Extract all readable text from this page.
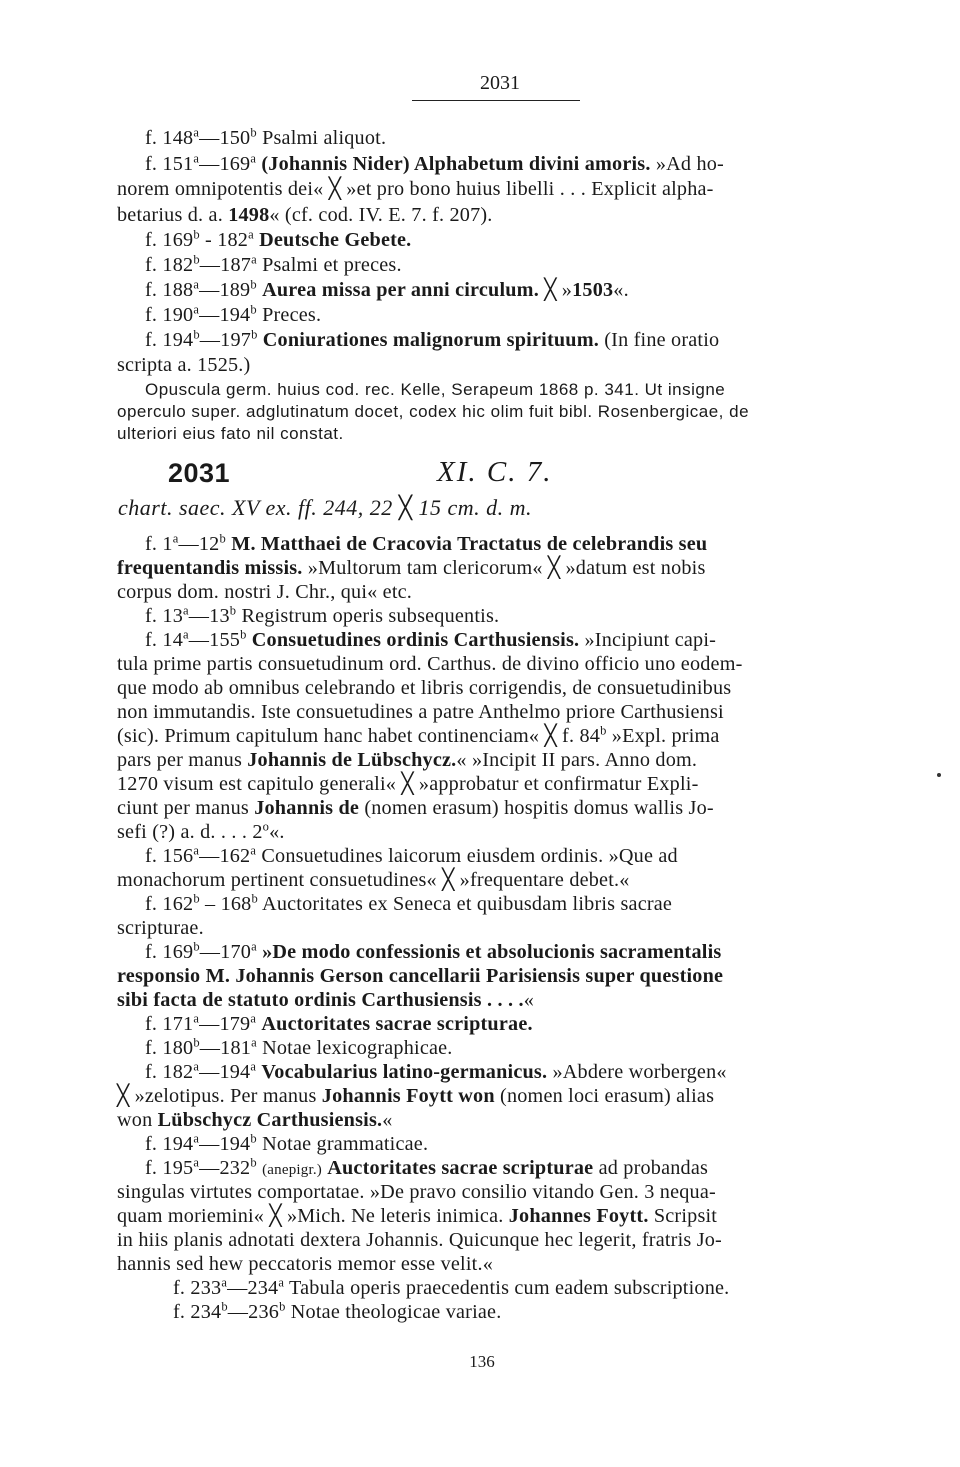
2031
f. 148$^a$—150$^b$ Psalmi aliquot.
f. 151$^a$—169$^a$ (Johannis Nider) Alphabetum divini amoris. »Ad ho-
norem omnipotentis dei« ╳ »et pro bono huius libelli . . . Explicit alpha-
betarius d. a. 1498« (cf. cod. IV. E. 7. f. 207).
f. 169$^b$ - 182$^a$ Deutsche Gebete.
f. 182$^b$—187$^a$ Psalmi et preces.
f. 188$^a$—189$^b$ Aurea missa per anni circulum. ╳ »1503«.
f. 190$^a$—194$^b$ Preces.
f. 194$^b$—197$^b$ Coniurationes malignorum spirituum. (In fine oratio
scripta a. 1525.)
Opuscula germ. huius cod. rec. Kelle, Serapeum 1868 p. 341. Ut insigne
operculo super. adglutinatum docet, codex hic olim fuit bibl. Rosenbergicae, de
ulteriori eius fato nil constat.
2031	XI. C. 7.
chart. saec. XV ex. ff. 244, 22 ╳ 15 cm. d. m.
f. 1$^a$—12$^b$ M. Matthaei de Cracovia Tractatus de celebrandis seu
frequentandis missis. »Multorum tam clericorum« ╳ »datum est nobis
corpus dom. nostri J. Chr., qui« etc.
f. 13$^a$—13$^b$ Registrum operis subsequentis.
f. 14$^a$—155$^b$ Consuetudines ordinis Carthusiensis. »Incipiunt capi-
tula prime partis consuetudinum ord. Carthus. de divino officio uno eodem-
que modo ab omnibus celebrando et libris corrigendis, de consuetudinibus
non immutandis. Iste consuetudines a patre Anthelmo priore Carthusiensi
(sic). Primum capitulum hanc habet continenciam« ╳ f. 84$^b$ »Expl. prima
pars per manus Johannis de Lübschycz.« »Incipit II pars. Anno dom.
1270 visum est capitulo generali« ╳ »approbatur et confirmatur Expli-
ciunt per manus Johannis de (nomen erasum) hospitis domus wallis Jo-
sefi (?) a. d. . . . 2$^o$«.
f. 156$^a$—162$^a$ Consuetudines laicorum eiusdem ordinis. »Que ad
monachorum pertinent consuetudines« ╳ »frequentare debet.«
f. 162$^b$ – 168$^b$ Auctoritates ex Seneca et quibusdam libris sacrae
scripturae.
f. 169$^b$—170$^a$ »De modo confessionis et absolucionis sacramentalis
responsio M. Johannis Gerson cancellarii Parisiensis super questione
sibi facta de statuto ordinis Carthusiensis . . . .«
f. 171$^a$—179$^a$ Auctoritates sacrae scripturae.
f. 180$^b$—181$^a$ Notae lexicographicae.
f. 182$^a$—194$^a$ Vocabularius latino-germanicus. »Abdere worbergen«
╳ »zelotipus. Per manus Johannis Foytt won (nomen loci erasum) alias
won Lübschycz Carthusiensis.«
f. 194$^a$—194$^b$ Notae grammaticae.
f. 195$^a$—232$^b$ (anepigr.) Auctoritates sacrae scripturae ad probandas
singulas virtutes comportatae. »De pravo consilio vitando Gen. 3 nequa-
quam moriemini« ╳ »Mich. Ne leteris inimica. Johannes Foytt. Scripsit
in hiis planis adnotati dextera Johannis. Quicunque hec legerit, fratris Jo-
hannis sed hew peccatoris memor esse velit.«
f. 233$^a$—234$^a$ Tabula operis praecedentis cum eadem subscriptione.
f. 234$^b$—236$^b$ Notae theologicae variae.
136
